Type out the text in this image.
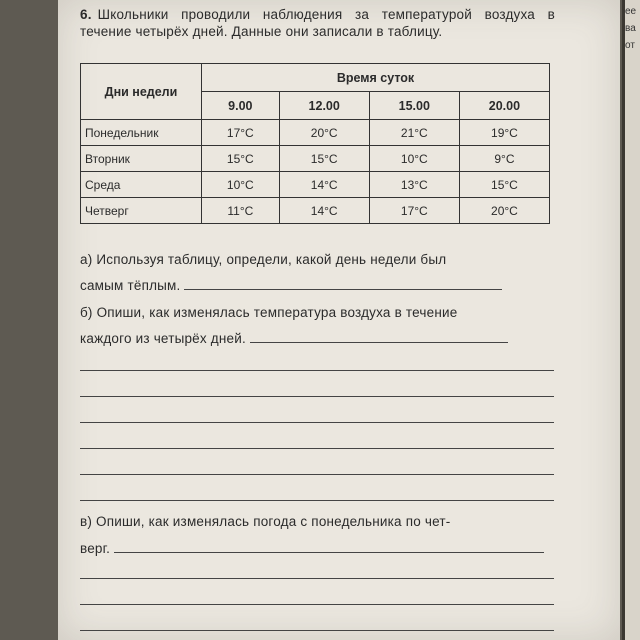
ее
ва
от
6. Школьники проводили наблюдения за температурой воздуха в течение четырёх дней. Данные они записали в таблицу.
Дни недели	Время суток			
	9.00	12.00	15.00	20.00
Понедельник	17°C	20°C	21°C	19°C
Вторник	15°C	15°C	10°C	9°C
Среда	10°C	14°C	13°C	15°C
Четверг	11°C	14°C	17°C	20°C
а) Используя таблицу, определи, какой день недели был
самым тёплым.
б) Опиши, как изменялась температура воздуха в течение
каждого из четырёх дней.
в) Опиши, как изменялась погода с понедельника по чет-
верг.
